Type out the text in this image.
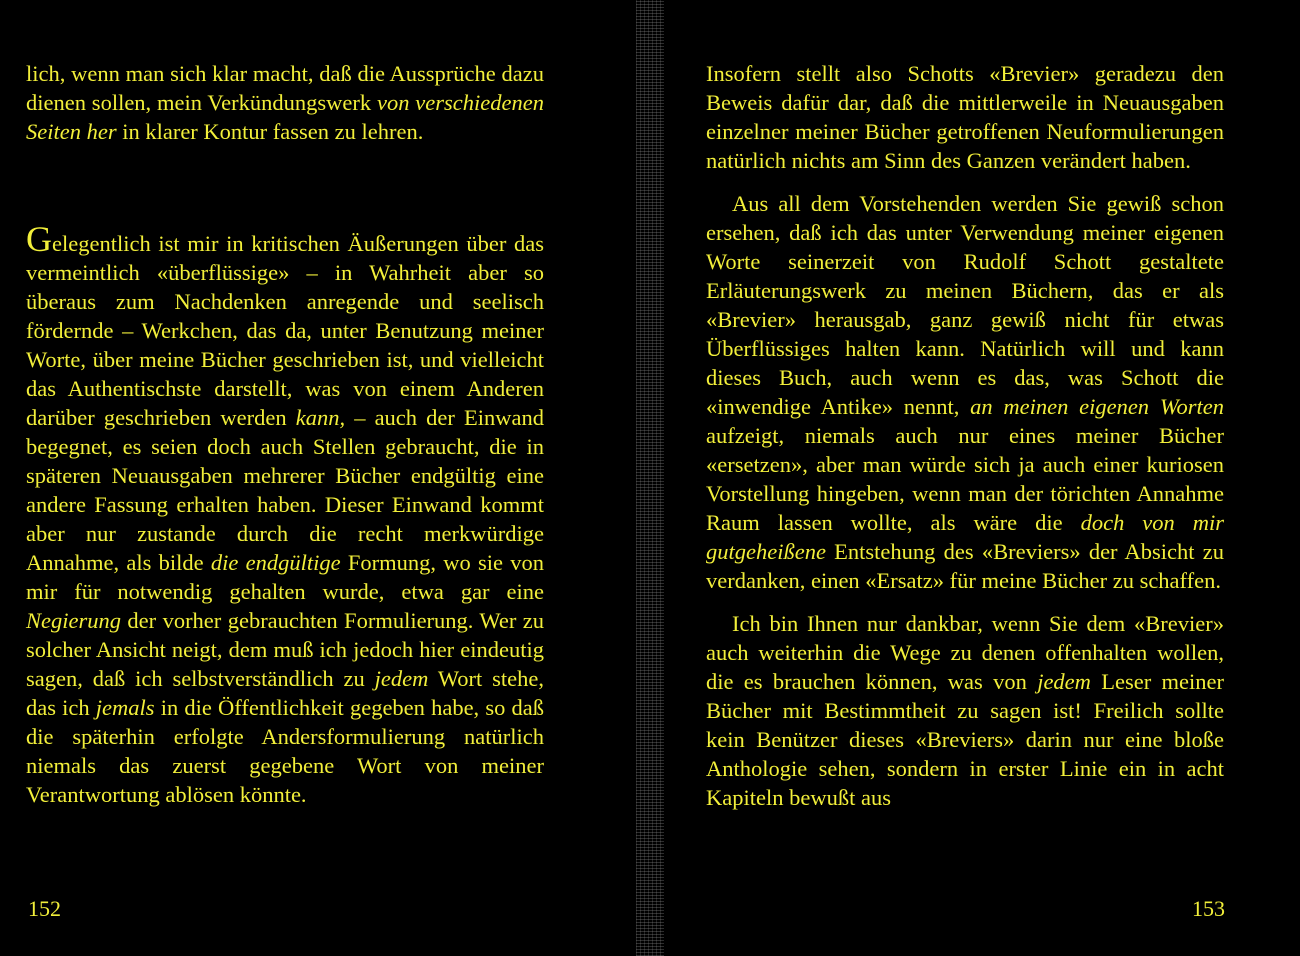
lich, wenn man sich klar macht, daß die Aussprüche dazu dienen sollen, mein Verkündungswerk von verschiedenen Seiten her in klarer Kontur fassen zu lehren.

Gelegentlich ist mir in kritischen Äußerungen über das vermeintlich «überflüssige» – in Wahrheit aber so überaus zum Nachdenken anregende und seelisch fördernde – Werkchen, das da, unter Benutzung meiner Worte, über meine Bücher geschrieben ist, und vielleicht das Authentischste darstellt, was von einem Anderen darüber geschrieben werden kann, – auch der Einwand begegnet, es seien doch auch Stellen gebraucht, die in späteren Neuausgaben mehrerer Bücher endgültig eine andere Fassung erhalten haben. Dieser Einwand kommt aber nur zustande durch die recht merkwürdige Annahme, als bilde die endgültige Formung, wo sie von mir für notwendig gehalten wurde, etwa gar eine Negierung der vorher gebrauchten Formulierung. Wer zu solcher Ansicht neigt, dem muß ich jedoch hier eindeutig sagen, daß ich selbstverständlich zu jedem Wort stehe, das ich jemals in die Öffentlichkeit gegeben habe, so daß die späterhin erfolgte Andersformulierung natürlich niemals das zuerst gegebene Wort von meiner Verantwortung ablösen könnte.

152

Insofern stellt also Schotts «Brevier» geradezu den Beweis dafür dar, daß die mittlerweile in Neuausgaben einzelner meiner Bücher getroffenen Neuformulierungen natürlich nichts am Sinn des Ganzen verändert haben.

Aus all dem Vorstehenden werden Sie gewiß schon ersehen, daß ich das unter Verwendung meiner eigenen Worte seinerzeit von Rudolf Schott gestaltete Erläuterungswerk zu meinen Büchern, das er als «Brevier» herausgab, ganz gewiß nicht für etwas Überflüssiges halten kann. Natürlich will und kann dieses Buch, auch wenn es das, was Schott die «inwendige Antike» nennt, an meinen eigenen Worten aufzeigt, niemals auch nur eines meiner Bücher «ersetzen», aber man würde sich ja auch einer kuriosen Vorstellung hingeben, wenn man der törichten Annahme Raum lassen wollte, als wäre die doch von mir gutgeheißene Entstehung des «Breviers» der Absicht zu verdanken, einen «Ersatz» für meine Bücher zu schaffen.

Ich bin Ihnen nur dankbar, wenn Sie dem «Brevier» auch weiterhin die Wege zu denen offenhalten wollen, die es brauchen können, was von jedem Leser meiner Bücher mit Bestimmtheit zu sagen ist! Freilich sollte kein Benützer dieses «Breviers» darin nur eine bloße Anthologie sehen, sondern in erster Linie ein in acht Kapiteln bewußt aus

153
